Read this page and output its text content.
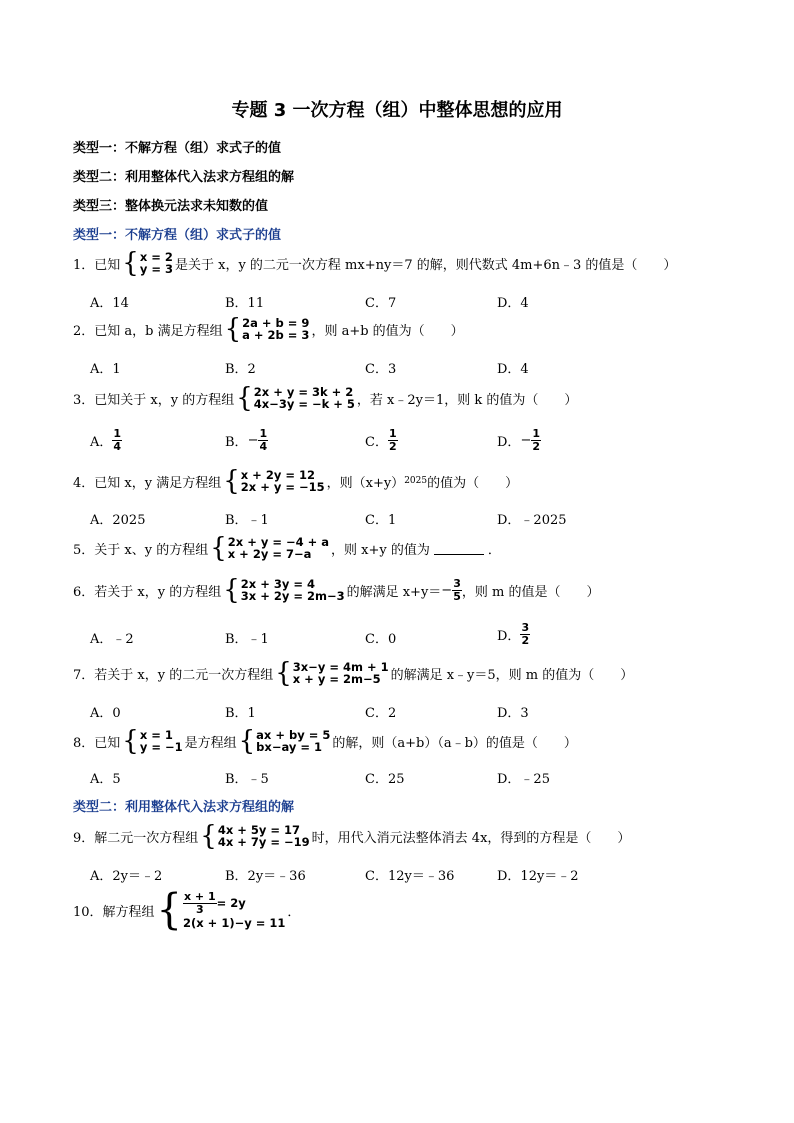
专题 3 一次方程（组）中整体思想的应用
类型一：不解方程（组）求式子的值
类型二：利用整体代入法求方程组的解
类型三：整体换元法求未知数的值
类型一：不解方程（组）求式子的值
1．已知 { x = 2
y = 3 是关于 x，y 的二元一次方程 mx+ny＝7 的解，则代数式 4m+6n﹣3 的值是（　　）
A．14	B．11	C．7	D．4
2．已知 a，b 满足方程组 { 2a + b = 9
a + 2b = 3 ，则 a+b 的值为（　　）
A．1	B．2	C．3	D．4
3．已知关于 x，y 的方程组 { 2x + y = 3k + 2
4x−3y = −k + 5 ，若 x﹣2y＝1，则 k 的值为（　　）
A． $\frac{1}{4}$	B． − $\frac{1}{4}$	C． $\frac{1}{2}$	D． − $\frac{1}{2}$
4．已知 x，y 满足方程组 { x + 2y = 12
2x + y = −15 ，则（x+y） 2025 的值为（　　）
A．2025	B．﹣1	C．1	D．﹣2025
5．关于 x、y 的方程组 { 2x + y = −4 + a
x + 2y = 7−a	，则 x+y 的值为	．
6．若关于 x，y 的方程组 { 2x + 3y = 4
3x + 2y = 2m−3 的解满足 $x+y= - \frac{3}{5}$ ，则 m 的值是（　　）
A．﹣2	B．﹣1	C．0	D． $\frac{3}{2}$
7．若关于 x，y 的二元一次方程组 { 3x−y = 4m + 1
x + y = 2m−5 的解满足 x﹣y＝5，则 m 的值为（　　）
A．0	B．1	C．2	D．3
8．已知 { x = 1
y = −1 是方程组 { ax + by = 5
bx−ay = 1 的解，则（a+b）（a﹣b）的值是（　　）
A．5	B．﹣5	C．25	D．﹣25
类型二：利用整体代入法求方程组的解
9．解二元一次方程组 { 4x + 5y = 17
4x + 7y = −19 时，用代入消元法整体消去 4x，得到的方程是（　　）
A．2y＝﹣2	B．2y＝﹣36	C．12y＝﹣36	D．12y＝﹣2
10．解方程组 { $\frac{x + 1}{3} = 2y$
2(x + 1)−y = 11
．
